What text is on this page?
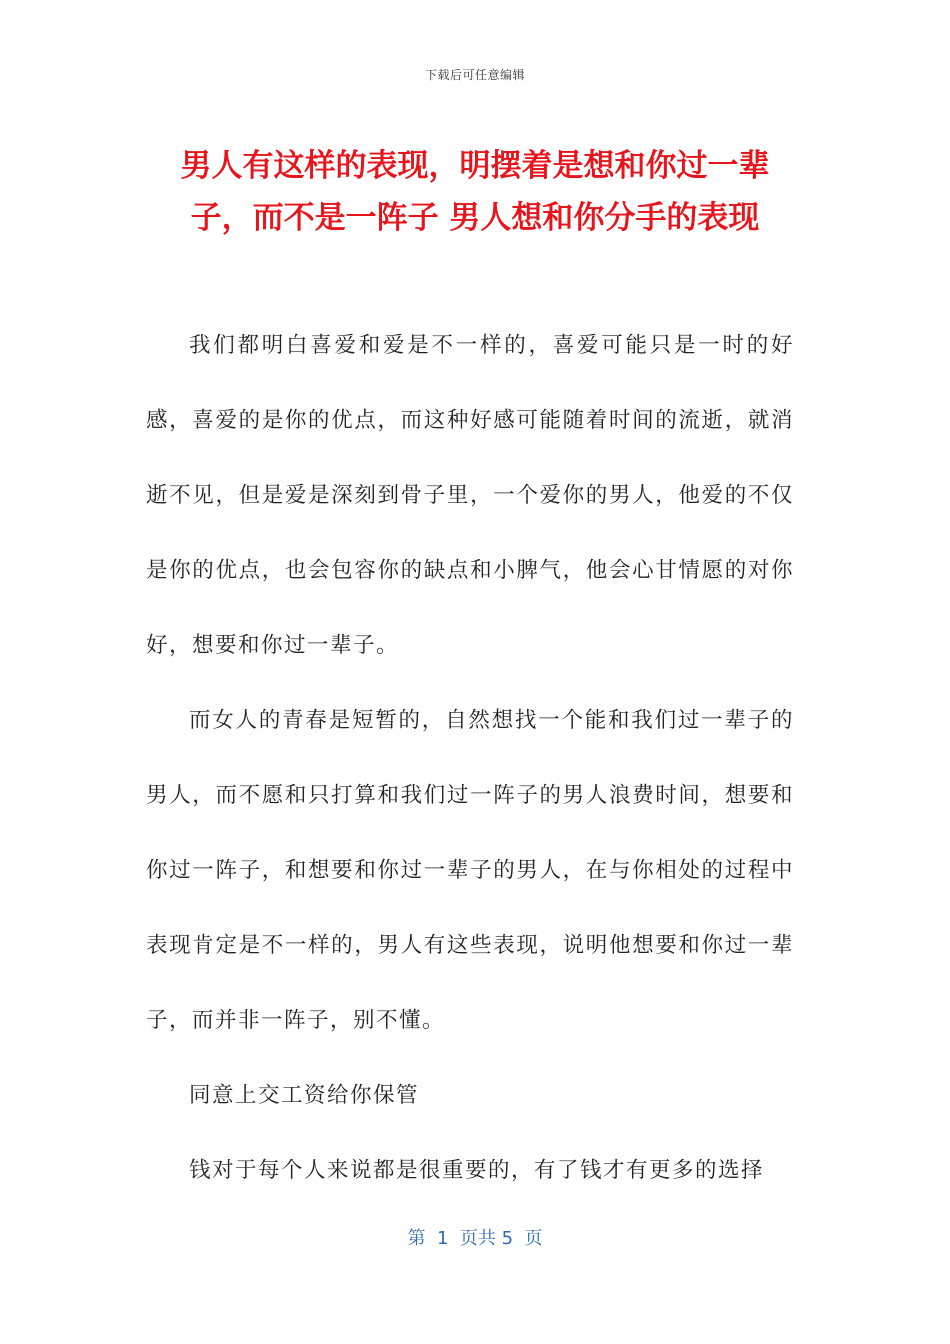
下载后可任意编辑
男人有这样的表现，明摆着是想和你过一辈
子，而不是一阵子 男人想和你分手的表现

我们都明白喜爱和爱是不一样的，喜爱可能只是一时的好感，喜爱的是你的优点，而这种好感可能随着时间的流逝，就消逝不见，但是爱是深刻到骨子里，一个爱你的男人，他爱的不仅是你的优点，也会包容你的缺点和小脾气，他会心甘情愿的对你好，想要和你过一辈子。

而女人的青春是短暂的，自然想找一个能和我们过一辈子的男人，而不愿和只打算和我们过一阵子的男人浪费时间，想要和你过一阵子，和想要和你过一辈子的男人，在与你相处的过程中表现肯定是不一样的，男人有这些表现，说明他想要和你过一辈子，而并非一阵子，别不懂。

同意上交工资给你保管

钱对于每个人来说都是很重要的，有了钱才有更多的选择

第  1  页共 5  页
